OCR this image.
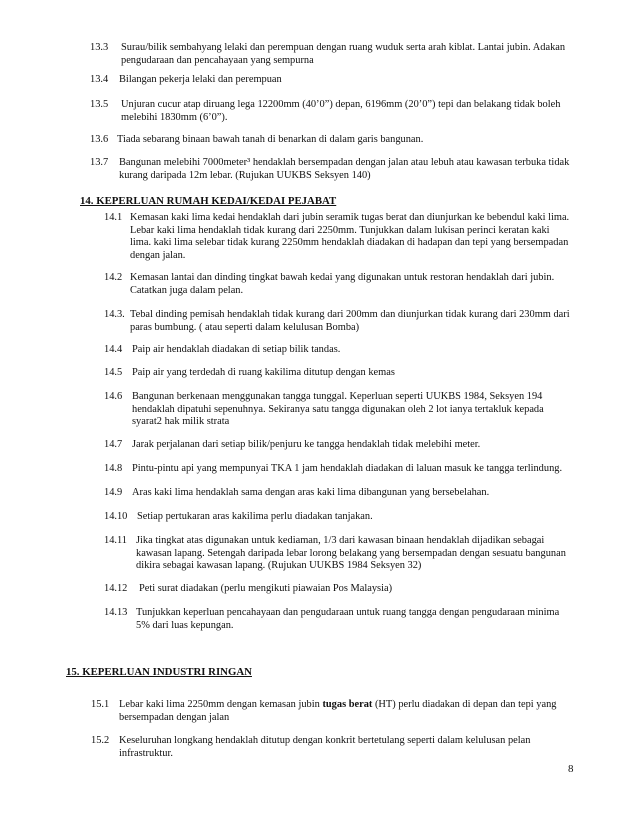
13.3	Surau/bilik sembahyang lelaki dan perempuan dengan ruang wuduk serta arah kiblat. Lantai jubin. Adakan
pengudaraan dan pencahayaan yang sempurna
13.4	Bilangan pekerja lelaki dan perempuan
13.5	Unjuran cucur atap diruang lega 12200mm (40’0”) depan, 6196mm (20’0”) tepi dan belakang tidak boleh
melebihi 1830mm (6’0”).
13.6 Tiada sebarang binaan bawah tanah di benarkan di dalam garis bangunan.
13.7	Bangunan melebihi 7000meter³ hendaklah bersempadan dengan jalan atau lebuh atau kawasan terbuka tidak
kurang daripada 12m lebar. (Rujukan UUKBS Seksyen 140)
14. KEPERLUAN RUMAH KEDAI/KEDAI PEJABAT
14.1 Kemasan kaki lima kedai hendaklah dari jubin seramik tugas berat dan diunjurkan ke bebendul kaki lima.
Lebar kaki lima hendaklah tidak kurang dari 2250mm. Tunjukkan dalam lukisan perinci keratan kaki
lima. kaki lima selebar tidak kurang 2250mm hendaklah diadakan di hadapan dan tepi yang bersempadan
dengan jalan.
14.2 Kemasan lantai dan dinding tingkat bawah kedai yang digunakan untuk restoran hendaklah dari jubin.
Catatkan juga dalam pelan.
14.3. Tebal dinding pemisah hendaklah tidak kurang dari 200mm dan diunjurkan tidak kurang dari 230mm dari
paras bumbung. ( atau seperti dalam kelulusan Bomba)
14.4 Paip air hendaklah diadakan di setiap bilik tandas.
14.5 Paip air yang terdedah di ruang kakilima ditutup dengan kemas
14.6 Bangunan berkenaan menggunakan tangga tunggal. Keperluan seperti UUKBS 1984, Seksyen 194
hendaklah dipatuhi sepenuhnya. Sekiranya satu tangga digunakan oleh 2 lot ianya tertakluk kepada
syarat2 hak milik strata
14.7 Jarak perjalanan dari setiap bilik/penjuru ke tangga hendaklah tidak melebihi meter.
14.8 Pintu-pintu api yang mempunyai TKA 1 jam hendaklah diadakan di laluan masuk ke tangga terlindung.
14.9 Aras kaki lima hendaklah sama dengan aras kaki lima dibangunan yang bersebelahan.
14.10 Setiap pertukaran aras kakilima perlu diadakan tanjakan.
14.11 Jika tingkat atas digunakan untuk kediaman, 1/3 dari kawasan binaan hendaklah dijadikan sebagai
kawasan lapang. Setengah daripada lebar lorong belakang yang bersempadan dengan sesuatu bangunan
dikira sebagai kawasan lapang. (Rujukan UUKBS 1984 Seksyen 32)
14.12	Peti surat diadakan (perlu mengikuti piawaian Pos Malaysia)
14.13 Tunjukkan keperluan pencahayaan dan pengudaraan untuk ruang tangga dengan pengudaraan minima
5% dari luas kepungan.
15. KEPERLUAN INDUSTRI RINGAN
15.1 Lebar kaki lima 2250mm dengan kemasan jubin tugas berat (HT) perlu diadakan di depan dan tepi yang
bersempadan dengan jalan
15.2 Keseluruhan longkang hendaklah ditutup dengan konkrit bertetulang seperti dalam kelulusan pelan
infrastruktur.
8
